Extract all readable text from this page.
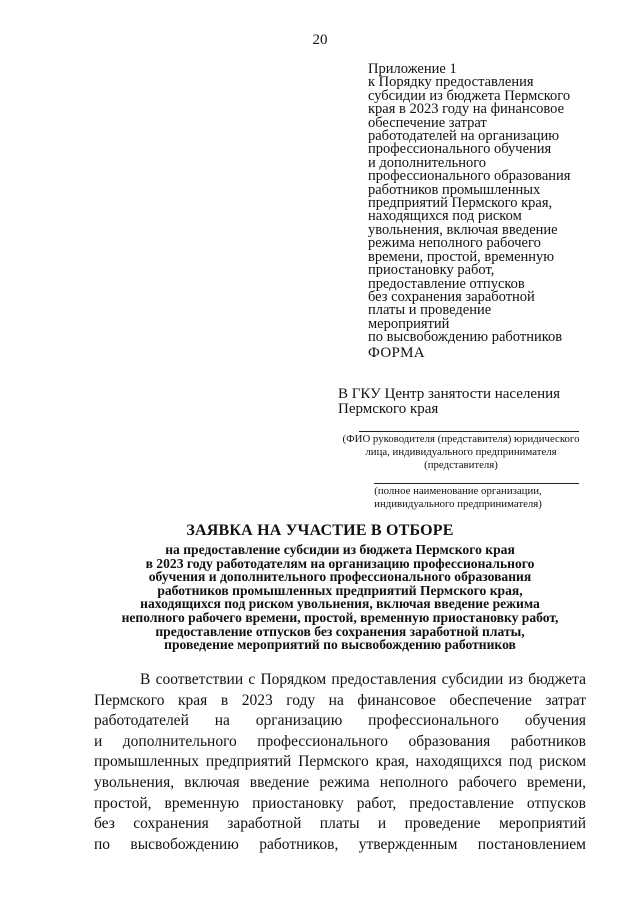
20
Приложение 1
к Порядку предоставления
субсидии из бюджета Пермского
края в 2023 году на финансовое
обеспечение затрат
работодателей на организацию
профессионального обучения
и дополнительного
профессионального образования
работников промышленных
предприятий Пермского края,
находящихся под риском
увольнения, включая введение
режима неполного рабочего
времени, простой, временную
приостановку работ,
предоставление отпусков
без сохранения заработной
платы и проведение
мероприятий
по высвобождению работников
ФОРМА
В ГКУ Центр занятости населения
Пермского края
(ФИО руководителя (представителя) юридического
лица, индивидуального предпринимателя
(представителя)
(полное наименование организации,
индивидуального предпринимателя)
ЗАЯВКА НА УЧАСТИЕ В ОТБОРЕ
на предоставление субсидии из бюджета Пермского края
в 2023 году работодателям на организацию профессионального
обучения и дополнительного профессионального образования
работников промышленных предприятий Пермского края,
находящихся под риском увольнения, включая введение режима
неполного рабочего времени, простой, временную приостановку работ,
предоставление отпусков без сохранения заработной платы,
проведение мероприятий по высвобождению работников
В соответствии с Порядком предоставления субсидии из бюджета
Пермского края в 2023 году на финансовое обеспечение затрат
работодателей на организацию профессионального обучения
и дополнительного профессионального образования работников
промышленных предприятий Пермского края, находящихся под риском
увольнения, включая введение режима неполного рабочего времени,
простой, временную приостановку работ, предоставление отпусков
без сохранения заработной платы и проведение мероприятий
по высвобождению работников, утвержденным постановлением
